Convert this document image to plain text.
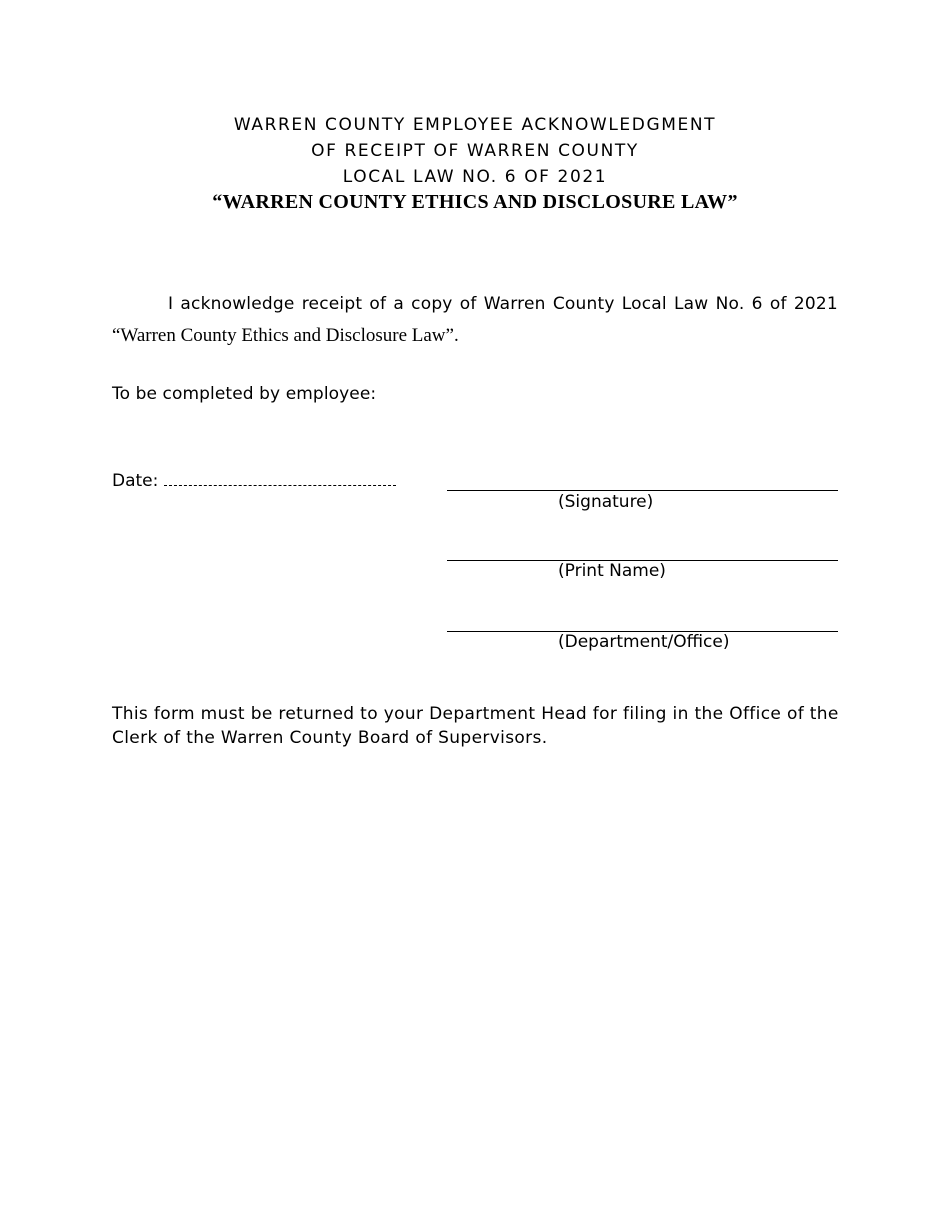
WARREN COUNTY EMPLOYEE ACKNOWLEDGMENT
OF RECEIPT OF WARREN COUNTY
LOCAL LAW NO. 6 OF 2021
“WARREN COUNTY ETHICS AND DISCLOSURE LAW”
I acknowledge receipt of a copy of Warren County Local Law No. 6 of 2021
“Warren County Ethics and Disclosure Law”.
To be completed by employee:
Date:
(Signature)
(Print Name)
(Department/Office)
This form must be returned to your Department Head for filing in the Office of the Clerk of the Warren County Board of Supervisors.
